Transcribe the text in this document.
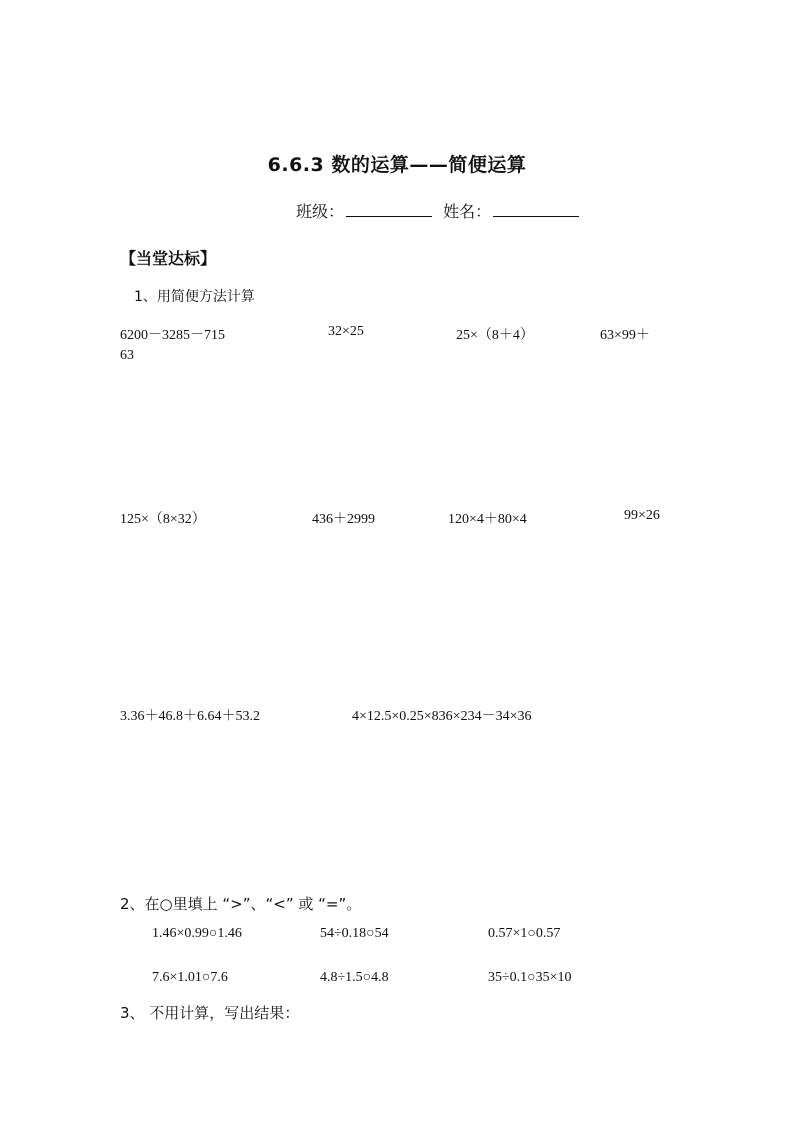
6.6.3 数的运算——简便运算
班级：	姓名：
【当堂达标】
1、用简便方法计算
6200－3285－715	32×25	25×（8＋4）	63×99＋
63
125×（8×32）	436＋2999	120×4＋80×4	99×26
3.36＋46.8＋6.64＋53.2	4×12.5×0.25×836×234－34×36
2、在○里填上 “>”、“<” 或 “=”。
1.46×0.99○1.46	54÷0.18○54	0.57×1○0.57
7.6×1.01○7.6	4.8÷1.5○4.8	35÷0.1○35×10
3、 不用计算，写出结果：
